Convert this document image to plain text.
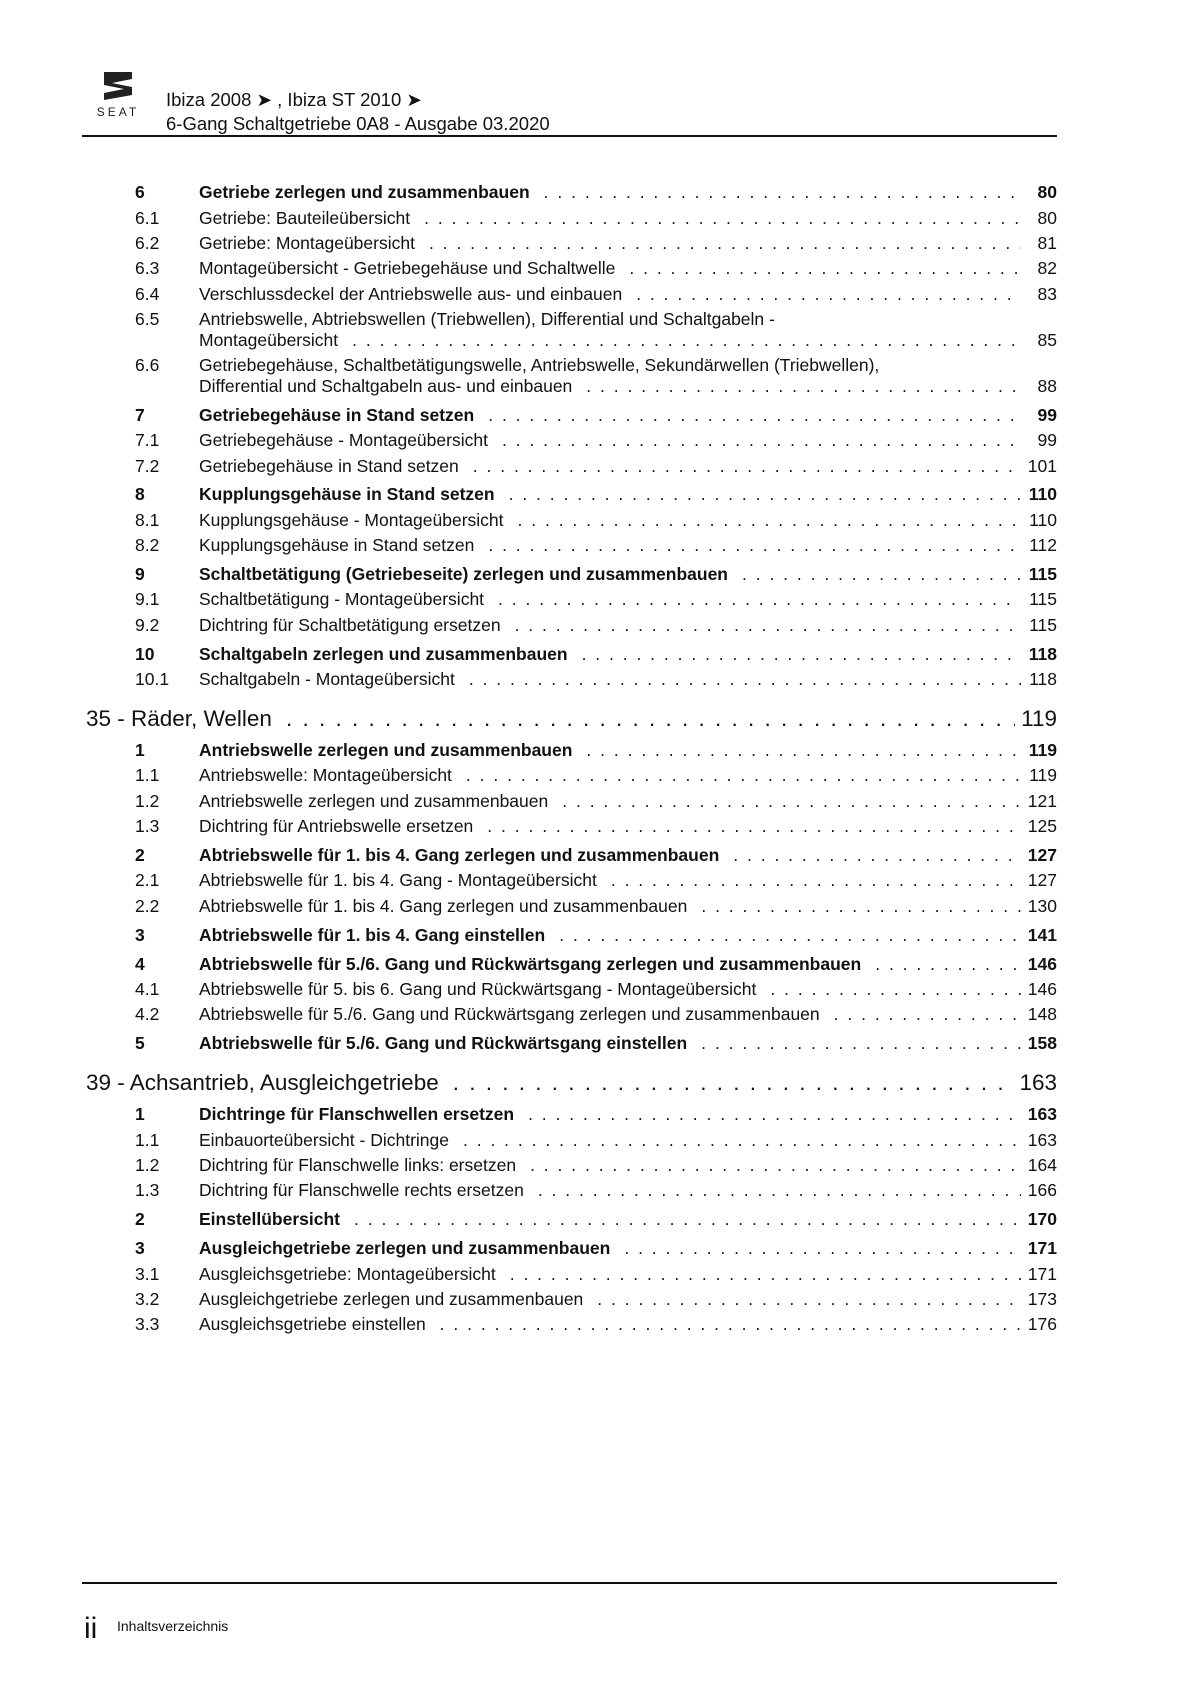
SEAT
Ibiza 2008 ➤ , Ibiza ST 2010 ➤
6-Gang Schaltgetriebe 0A8 - Ausgabe 03.2020
6	Getriebe zerlegen und zusammenbauen . . .	80
6.1	Getriebe: Bauteileübersicht . . .	80
6.2	Getriebe: Montageübersicht . . .	81
6.3	Montageübersicht - Getriebegehäuse und Schaltwelle . . .	82
6.4	Verschlussdeckel der Antriebswelle aus- und einbauen . . .	83
6.5	Antriebswelle, Abtriebswellen (Triebwellen), Differential und Schaltgabeln -
Montageübersicht . . .	85
6.6	Getriebegehäuse, Schaltbetätigungswelle, Antriebswelle, Sekundärwellen (Triebwellen),
Differential und Schaltgabeln aus- und einbauen . . .	88
7	Getriebegehäuse in Stand setzen . . .	99
7.1	Getriebegehäuse - Montageübersicht . . .	99
7.2	Getriebegehäuse in Stand setzen . . .	101
8	Kupplungsgehäuse in Stand setzen . . .	110
8.1	Kupplungsgehäuse - Montageübersicht . . .	110
8.2	Kupplungsgehäuse in Stand setzen . . .	112
9	Schaltbetätigung (Getriebeseite) zerlegen und zusammenbauen . . .	115
9.1	Schaltbetätigung - Montageübersicht . . .	115
9.2	Dichtring für Schaltbetätigung ersetzen . . .	115
10	Schaltgabeln zerlegen und zusammenbauen . . .	118
10.1	Schaltgabeln - Montageübersicht . . .	118
35 - Räder, Wellen . . .	119
1	Antriebswelle zerlegen und zusammenbauen . . .	119
1.1	Antriebswelle: Montageübersicht . . .	119
1.2	Antriebswelle zerlegen und zusammenbauen . . .	121
1.3	Dichtring für Antriebswelle ersetzen . . .	125
2	Abtriebswelle für 1. bis 4. Gang zerlegen und zusammenbauen . . .	127
2.1	Abtriebswelle für 1. bis 4. Gang - Montageübersicht . . .	127
2.2	Abtriebswelle für 1. bis 4. Gang zerlegen und zusammenbauen . . .	130
3	Abtriebswelle für 1. bis 4. Gang einstellen . . .	141
4	Abtriebswelle für 5./6. Gang und Rückwärtsgang zerlegen und zusammenbauen . . .	146
4.1	Abtriebswelle für 5. bis 6. Gang und Rückwärtsgang - Montageübersicht . . .	146
4.2	Abtriebswelle für 5./6. Gang und Rückwärtsgang zerlegen und zusammenbauen . . .	148
5	Abtriebswelle für 5./6. Gang und Rückwärtsgang einstellen . . .	158
39 - Achsantrieb, Ausgleichgetriebe . . .	163
1	Dichtringe für Flanschwellen ersetzen . . .	163
1.1	Einbauorteübersicht - Dichtringe . . .	163
1.2	Dichtring für Flanschwelle links: ersetzen . . .	164
1.3	Dichtring für Flanschwelle rechts ersetzen . . .	166
2	Einstellübersicht . . .	170
3	Ausgleichgetriebe zerlegen und zusammenbauen . . .	171
3.1	Ausgleichsgetriebe: Montageübersicht . . .	171
3.2	Ausgleichgetriebe zerlegen und zusammenbauen . . .	173
3.3	Ausgleichsgetriebe einstellen . . .	176
ii Inhaltsverzeichnis
